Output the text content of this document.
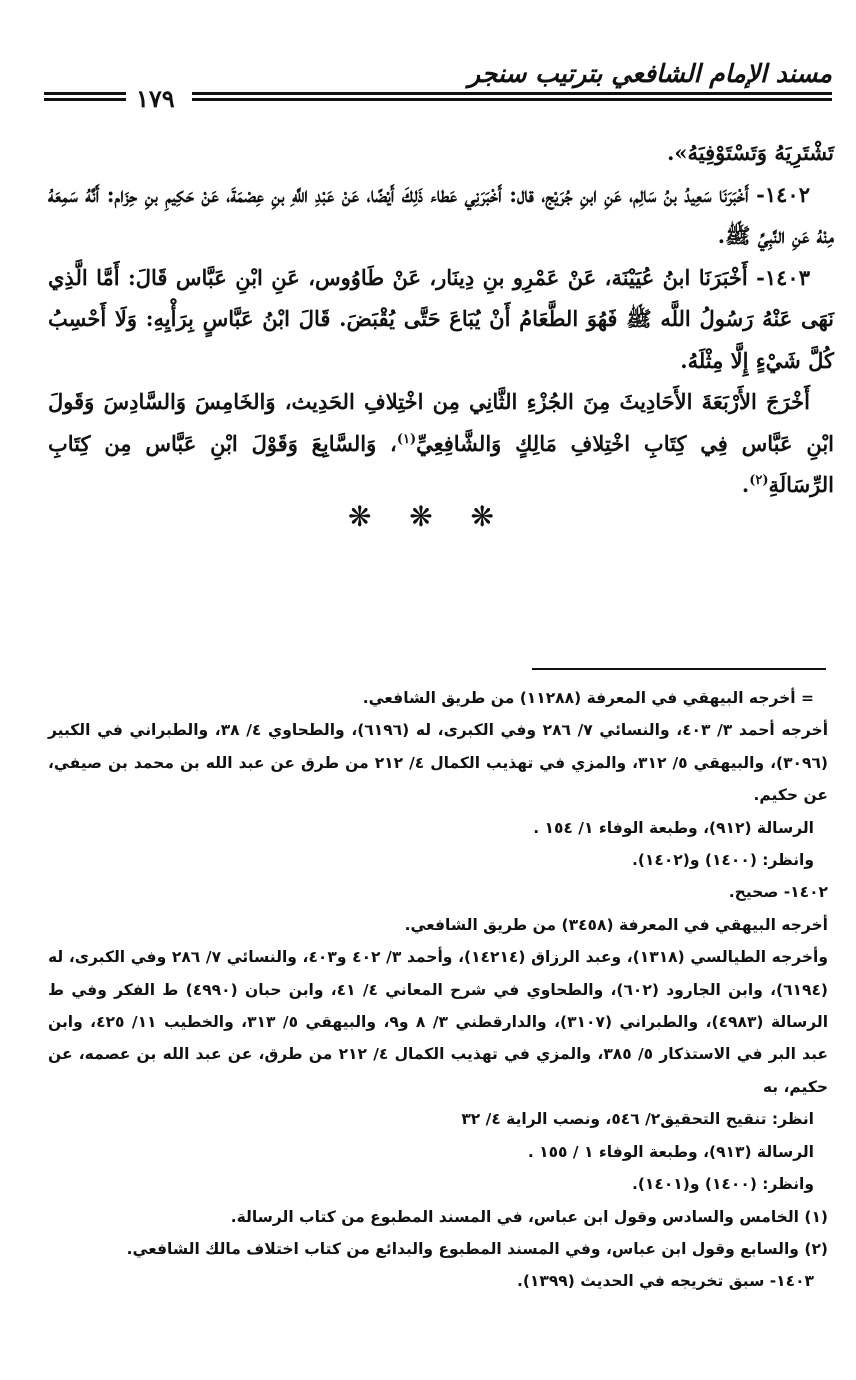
مسند الإمام الشافعي بترتيب سنجر
١٧٩

تَشْتَرِيَهُ وَتَسْتَوْفِيَهُ».

١٤٠٢- أَخْبَرَنَا سَعِيدُ بنُ سَالِم، عَنِ ابنِ جُرَيْج، قال: أَخْبَرَنِي عَطاء ذَلِكَ أَيْضًا، عَنْ عَبْدِ اللَّهِ بنِ عِصْمَةَ، عَنْ حَكِيمِ بنِ حِزَام: أَنَّهُ سَمِعَهُ مِنْهُ عَنِ النَّبِيِّ ﷺ.

١٤٠٣- أَخْبَرَنَا ابنُ عُيَيْنَة، عَنْ عَمْرِو بنِ دِينَار، عَنْ طَاوُوس، عَنِ ابْنِ عَبَّاس قَالَ: أَمَّا الَّذِي نَهَى عَنْهُ رَسُولُ اللَّه ﷺ فَهُوَ الطَّعَامُ أَنْ يُبَاعَ حَتَّى يُقْبَضَ. قَالَ ابْنُ عَبَّاسٍ بِرَأْيِهِ: وَلَا أَحْسِبُ كُلَّ شَيْءٍ إِلَّا مِثْلَهُ.

أَخْرَجَ الأَرْبَعَةَ الأَحَادِيثَ مِنَ الجُزْءِ الثَّانِي مِن اخْتِلافِ الحَدِيث، وَالخَامِسَ وَالسَّادِسَ وَقَولَ ابْنِ عَبَّاس فِي كِتَابِ اخْتِلافِ مَالِكٍ وَالشَّافِعِيِّ$^{(١)}$، وَالسَّابِعَ وَقَوْلَ ابْنِ عَبَّاس مِن كِتَابِ الرِّسَالَةِ$^{(٢)}$.

❋ ❋ ❋

= أخرجه البيهقي في المعرفة (١١٢٨٨) من طريق الشافعي.

أخرجه أحمد ٣/ ٤٠٣، والنسائي ٧/ ٢٨٦ وفي الكبرى، له (٦١٩٦)، والطحاوي ٤/ ٣٨، والطبراني في الكبير (٣٠٩٦)، والبيهقي ٥/ ٣١٢، والمزي في تهذيب الكمال ٤/ ٢١٢ من طرق عن عبد الله بن محمد بن صيفي، عن حكيم.

الرسالة (٩١٢)، وطبعة الوفاء ١/ ١٥٤ .

وانظر: (١٤٠٠) و(١٤٠٢).

١٤٠٢- صحيح.

أخرجه البيهقي في المعرفة (٣٤٥٨) من طريق الشافعي.

وأخرجه الطيالسي (١٣١٨)، وعبد الرزاق (١٤٢١٤)، وأحمد ٣/ ٤٠٢ و٤٠٣، والنسائي ٧/ ٢٨٦ وفي الكبرى، له (٦١٩٤)، وابن الجارود (٦٠٢)، والطحاوي في شرح المعاني ٤/ ٤١، وابن حبان (٤٩٩٠) ط الفكر وفي ط الرسالة (٤٩٨٣)، والطبراني (٣١٠٧)، والدارقطني ٣/ ٨ و٩، والبيهقي ٥/ ٣١٣، والخطيب ١١/ ٤٢٥، وابن عبد البر في الاستذكار ٥/ ٣٨٥، والمزي في تهذيب الكمال ٤/ ٢١٢ من طرق، عن عبد الله بن عصمه، عن حكيم، به

انظر: تنقيح التحقيق٢/ ٥٤٦، ونصب الراية ٤/ ٣٢

الرسالة (٩١٣)، وطبعة الوفاء ١ / ١٥٥ .

وانظر: (١٤٠٠) و(١٤٠١).

(١) الخامس والسادس وقول ابن عباس، في المسند المطبوع من كتاب الرسالة.

(٢) والسابع وقول ابن عباس، وفي المسند المطبوع والبدائع من كتاب اختلاف مالك الشافعي.

١٤٠٣- سبق تخريجه في الحديث (١٣٩٩).
